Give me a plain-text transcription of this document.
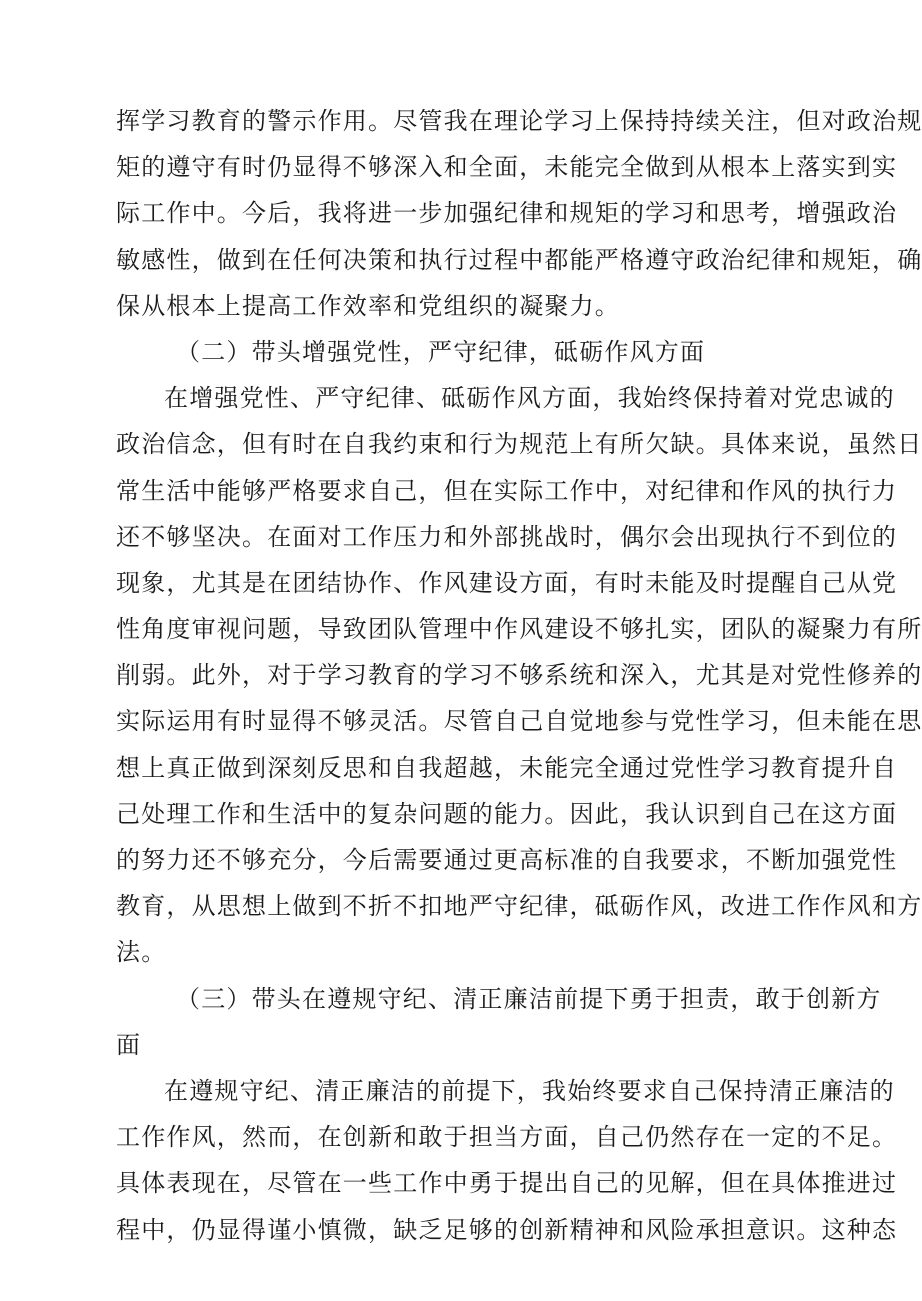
挥学习教育的警示作用。尽管我在理论学习上保持持续关注，但对政治规
矩的遵守有时仍显得不够深入和全面，未能完全做到从根本上落实到实
际工作中。今后，我将进一步加强纪律和规矩的学习和思考，增强政治
敏感性，做到在任何决策和执行过程中都能严格遵守政治纪律和规矩，确
保从根本上提高工作效率和党组织的凝聚力。
（二）带头增强党性，严守纪律，砥砺作风方面
在增强党性、严守纪律、砥砺作风方面，我始终保持着对党忠诚的
政治信念，但有时在自我约束和行为规范上有所欠缺。具体来说，虽然日
常生活中能够严格要求自己，但在实际工作中，对纪律和作风的执行力
还不够坚决。在面对工作压力和外部挑战时，偶尔会出现执行不到位的
现象，尤其是在团结协作、作风建设方面，有时未能及时提醒自己从党
性角度审视问题，导致团队管理中作风建设不够扎实，团队的凝聚力有所
削弱。此外，对于学习教育的学习不够系统和深入，尤其是对党性修养的
实际运用有时显得不够灵活。尽管自己自觉地参与党性学习，但未能在思
想上真正做到深刻反思和自我超越，未能完全通过党性学习教育提升自
己处理工作和生活中的复杂问题的能力。因此，我认识到自己在这方面
的努力还不够充分，今后需要通过更高标准的自我要求，不断加强党性
教育，从思想上做到不折不扣地严守纪律，砥砺作风，改进工作作风和方
法。
（三）带头在遵规守纪、清正廉洁前提下勇于担责，敢于创新方
面
在遵规守纪、清正廉洁的前提下，我始终要求自己保持清正廉洁的
工作作风，然而，在创新和敢于担当方面，自己仍然存在一定的不足。
具体表现在，尽管在一些工作中勇于提出自己的见解，但在具体推进过
程中，仍显得谨小慎微，缺乏足够的创新精神和风险承担意识。这种态
